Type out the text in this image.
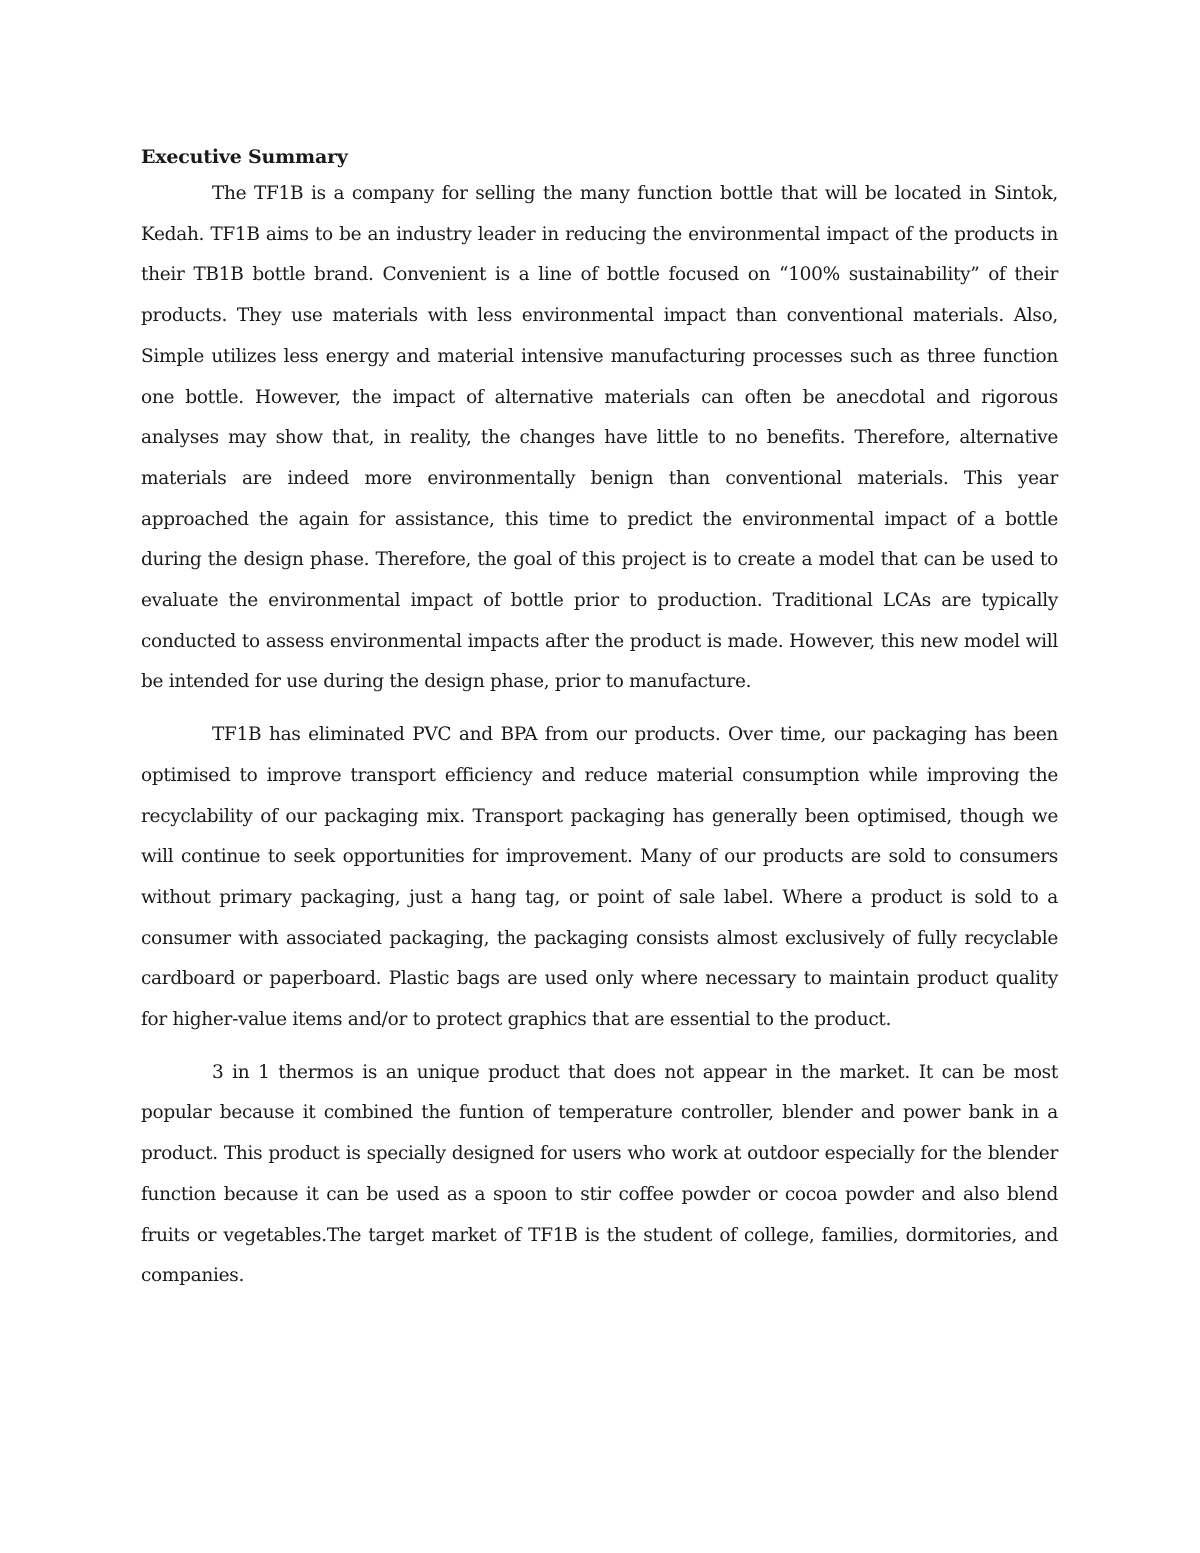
Executive Summary

The TF1B is a company for selling the many function bottle that will be located in Sintok, Kedah. TF1B aims to be an industry leader in reducing the environmental impact of the products in their TB1B bottle brand. Convenient is a line of bottle focused on “100% sustainability” of their products. They use materials with less environmental impact than conventional materials. Also, Simple utilizes less energy and material intensive manufacturing processes such as three function one bottle. However, the impact of alternative materials can often be anecdotal and rigorous analyses may show that, in reality, the changes have little to no benefits. Therefore, alternative materials are indeed more environmentally benign than conventional materials. This year approached the again for assistance, this time to predict the environmental impact of a bottle during the design phase. Therefore, the goal of this project is to create a model that can be used to evaluate the environmental impact of bottle prior to production. Traditional LCAs are typically conducted to assess environmental impacts after the product is made. However, this new model will be intended for use during the design phase, prior to manufacture.

TF1B has eliminated PVC and BPA from our products. Over time, our packaging has been optimised to improve transport efficiency and reduce material consumption while improving the recyclability of our packaging mix. Transport packaging has generally been optimised, though we will continue to seek opportunities for improvement. Many of our products are sold to consumers without primary packaging, just a hang tag, or point of sale label. Where a product is sold to a consumer with associated packaging, the packaging consists almost exclusively of fully recyclable cardboard or paperboard. Plastic bags are used only where necessary to maintain product quality for higher-value items and/or to protect graphics that are essential to the product.

3 in 1 thermos is an unique product that does not appear in the market. It can be most popular because it combined the funtion of temperature controller, blender and power bank in a product. This product is specially designed for users who work at outdoor especially for the blender function because it can be used as a spoon to stir coffee powder or cocoa powder and also blend fruits or vegetables.The target market of TF1B is the student of college, families, dormitories, and companies.
